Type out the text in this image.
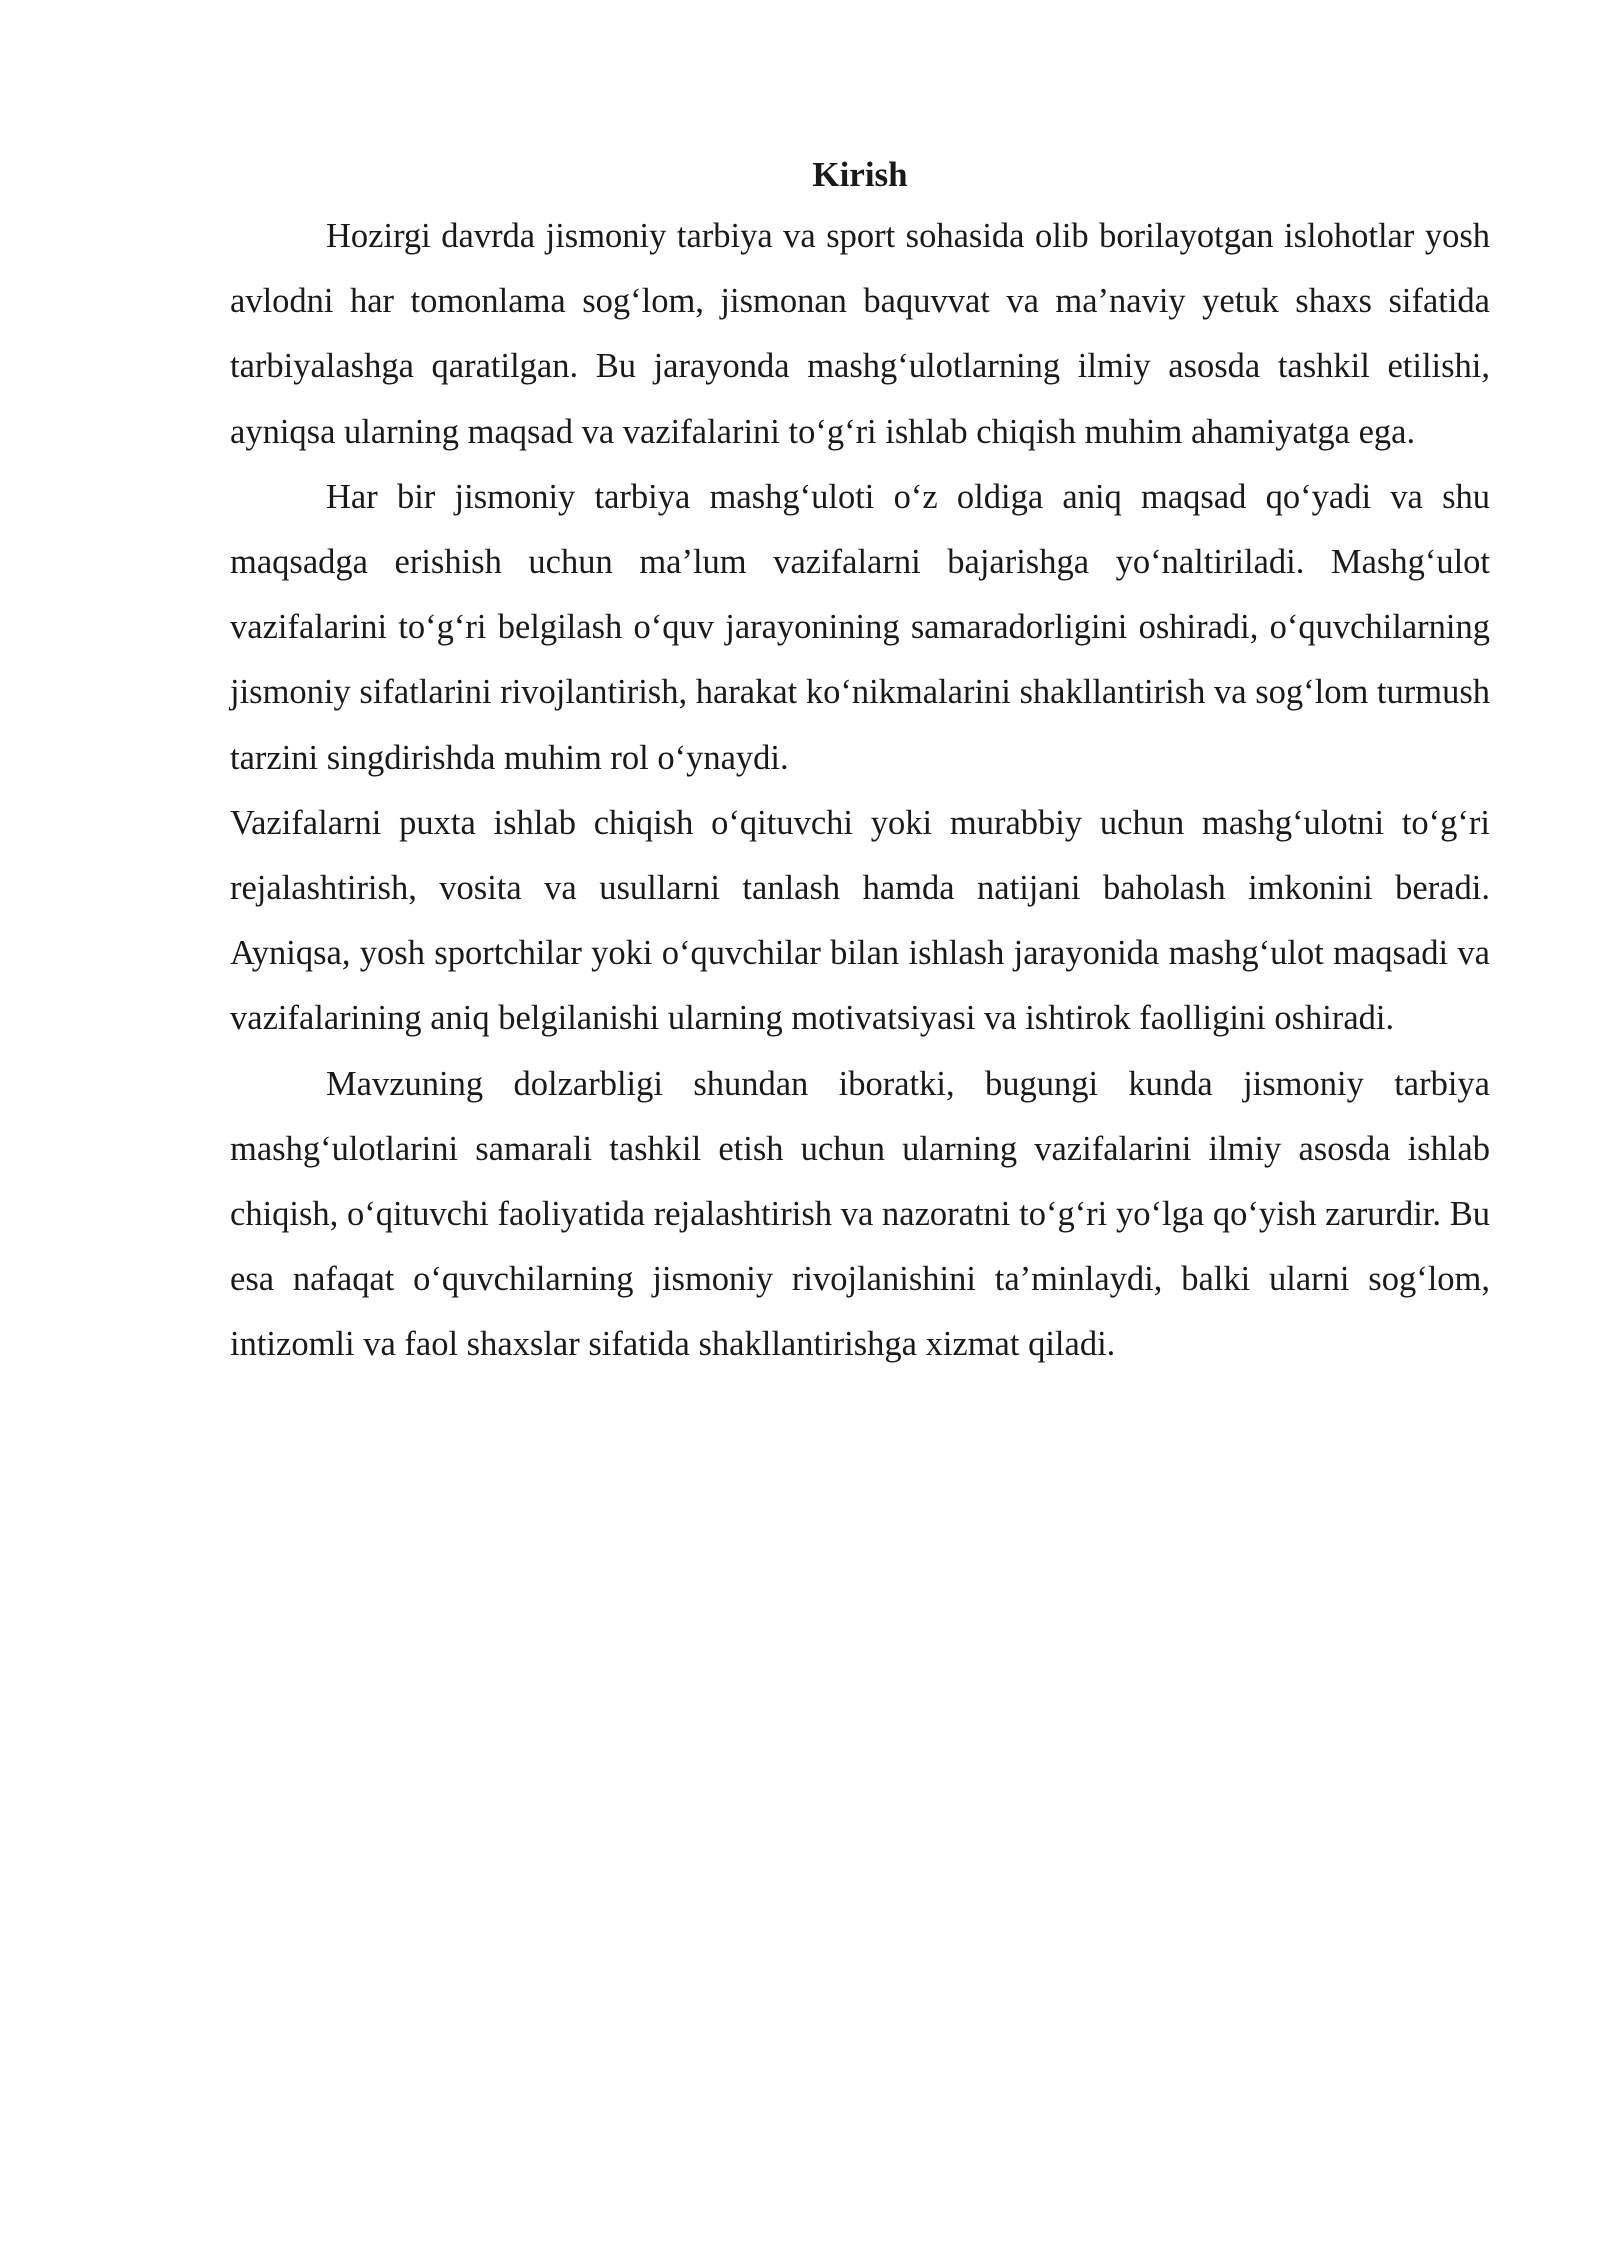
Kirish

Hozirgi davrda jismoniy tarbiya va sport sohasida olib borilayotgan islohotlar yosh avlodni har tomonlama sog‘lom, jismonan baquvvat va ma’naviy yetuk shaxs sifatida tarbiyalashga qaratilgan. Bu jarayonda mashg‘ulotlarning ilmiy asosda tashkil etilishi, ayniqsa ularning maqsad va vazifalarini to‘g‘ri ishlab chiqish muhim ahamiyatga ega.

Har bir jismoniy tarbiya mashg‘uloti o‘z oldiga aniq maqsad qo‘yadi va shu maqsadga erishish uchun ma’lum vazifalarni bajarishga yo‘naltiriladi. Mashg‘ulot vazifalarini to‘g‘ri belgilash o‘quv jarayonining samaradorligini oshiradi, o‘quvchilarning jismoniy sifatlarini rivojlantirish, harakat ko‘nikmalarini shakllantirish va sog‘lom turmush tarzini singdirishda muhim rol o‘ynaydi.

Vazifalarni puxta ishlab chiqish o‘qituvchi yoki murabbiy uchun mashg‘ulotni to‘g‘ri rejalashtirish, vosita va usullarni tanlash hamda natijani baholash imkonini beradi. Ayniqsa, yosh sportchilar yoki o‘quvchilar bilan ishlash jarayonida mashg‘ulot maqsadi va vazifalarining aniq belgilanishi ularning motivatsiyasi va ishtirok faolligini oshiradi.

Mavzuning dolzarbligi shundan iboratki, bugungi kunda jismoniy tarbiya mashg‘ulotlarini samarali tashkil etish uchun ularning vazifalarini ilmiy asosda ishlab chiqish, o‘qituvchi faoliyatida rejalashtirish va nazoratni to‘g‘ri yo‘lga qo‘yish zarurdir. Bu esa nafaqat o‘quvchilarning jismoniy rivojlanishini ta’minlaydi, balki ularni sog‘lom, intizomli va faol shaxslar sifatida shakllantirishga xizmat qiladi.
